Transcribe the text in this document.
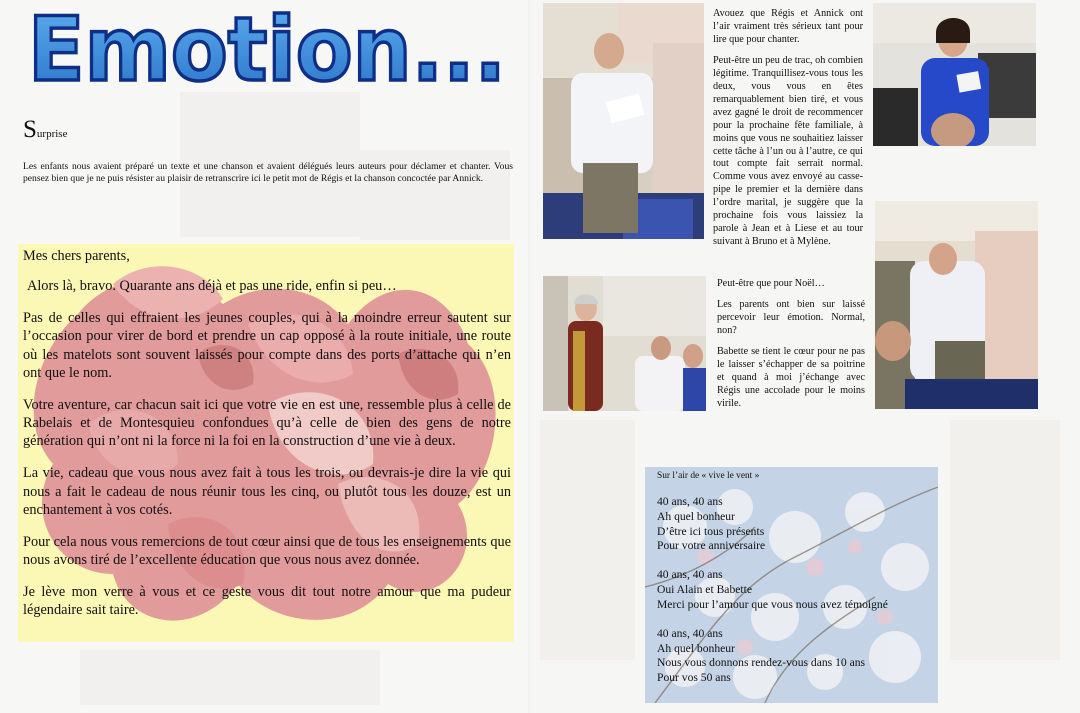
Emotion...
Surprise
Les enfants nous avaient préparé un texte et une chanson et avaient délégués leurs auteurs pour déclamer et chanter. Vous pensez bien que je ne puis résister au plaisir de retranscrire ici le petit mot de Régis et la chanson concoctée par Annick.

Mes chers parents,

Alors là, bravo. Quarante ans déjà et pas une ride, enfin si peu…

Pas de celles qui effraient les jeunes couples, qui à la moindre erreur sautent sur l’occasion pour virer de bord et prendre un cap opposé à la route initiale, une route où les matelots sont souvent laissés pour compte dans des ports d’attache qui n’en ont que le nom.

Votre aventure, car chacun sait ici que votre vie en est une, ressemble plus à celle de Rabelais et de Montesquieu confondues qu’à celle de bien des gens de notre génération qui n’ont ni la force ni la foi en la construction d’une vie à deux.

La vie, cadeau que vous nous avez fait à tous les trois, ou devrais-je dire la vie qui nous a fait le cadeau de nous réunir tous les cinq, ou plutôt tous les douze, est un enchantement à vos cotés.

Pour cela nous vous remercions de tout cœur ainsi que de tous les enseignements que nous avons tiré de l’excellente éducation que vous nous avez donnée.

Je lève mon verre à vous et ce geste vous dit tout notre amour que ma pudeur légendaire sait taire.

Avouez que Régis et Annick ont l’air vraiment très sérieux tant pour lire que pour chanter.

Peut-être un peu de trac, oh combien légitime. Tranquillisez-vous tous les deux, vous vous en êtes remarquablement bien tiré, et vous avez gagné le droit de recommencer pour la prochaine fête familiale, à moins que vous ne souhaitiez laisser cette tâche à l’un ou à l’autre, ce qui tout compte fait serrait normal. Comme vous avez envoyé au casse-pipe le premier et la dernière dans l’ordre marital, je suggère que la prochaine fois vous laissiez la parole à Jean et à Liese et au tour suivant à Bruno et à Mylène.

Peut-être que pour Noël…

Les parents ont bien sur laissé percevoir leur émotion. Normal, non?

Babette se tient le cœur pour ne pas le laisser s’échapper de sa poitrine et quand à moi j’échange avec Régis une accolade pour le moins virile.

Sur l’air de « vive le vent »
40 ans, 40 ans
Ah quel bonheur
D’être ici tous présents
Pour votre anniversaire
40 ans, 40 ans
Oui Alain et Babette
Merci pour l’amour que vous nous avez témoigné
40 ans, 40 ans
Ah quel bonheur
Nous vous donnons rendez-vous dans 10 ans
Pour vos 50 ans
